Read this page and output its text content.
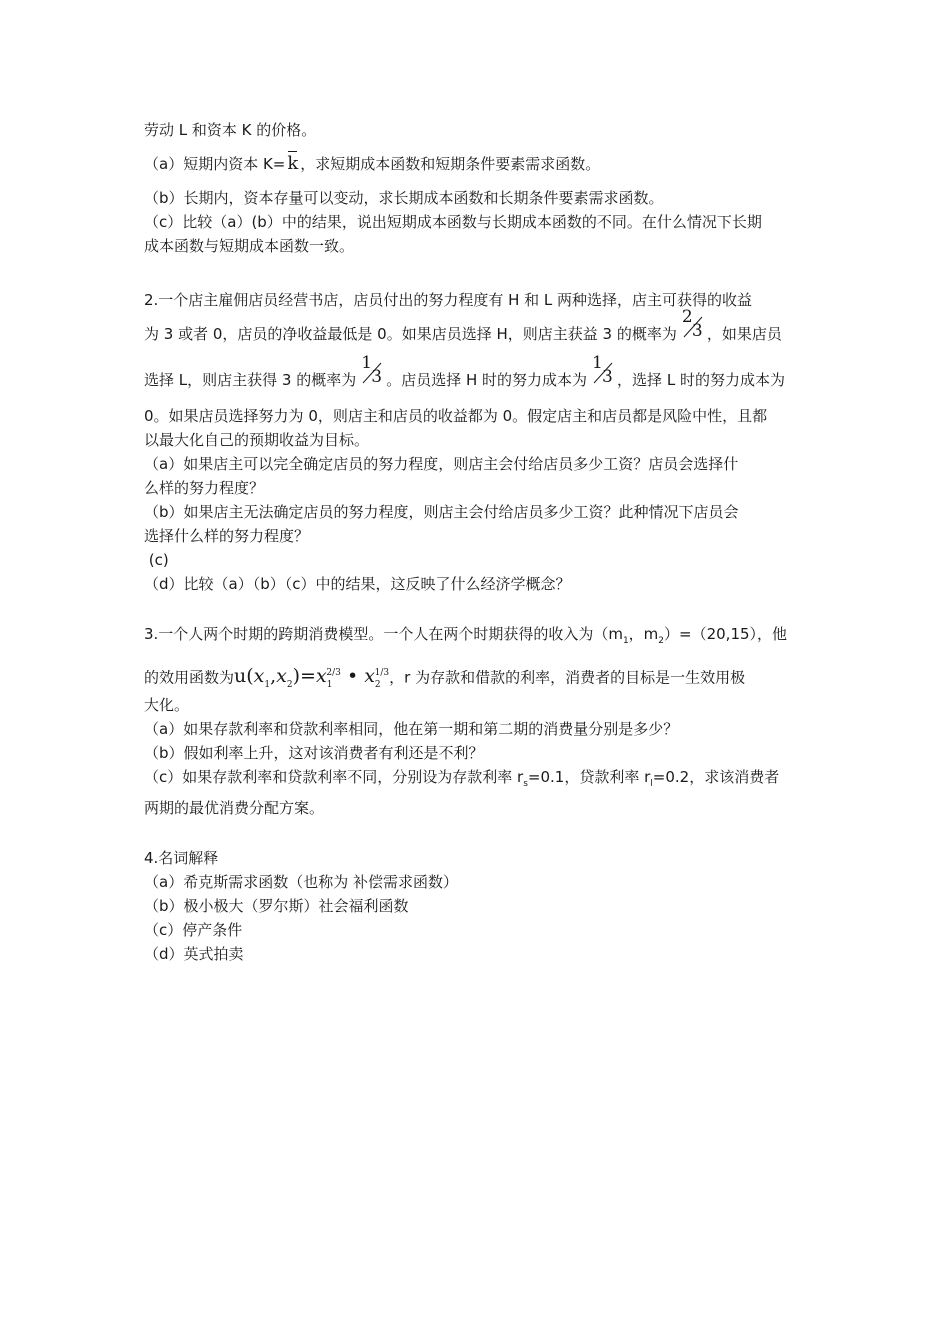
劳动 L 和资本 K 的价格。
（a）短期内资本 K= k ，求短期成本函数和短期条件要素需求函数。
（b）长期内，资本存量可以变动，求长期成本函数和长期条件要素需求函数。
（c）比较（a）(b）中的结果，说出短期成本函数与长期成本函数的不同。在什么情况下长期
成本函数与短期成本函数一致。
2.一个店主雇佣店员经营书店，店员付出的努力程度有 H 和 L 两种选择，店主可获得的收益
为 3 或者 0，店员的净收益最低是 0。如果店员选择 H，则店主获益 3 的概率为
2
3 ，如果店员
选择 L，则店主获得 3 的概率为
1
3 。店员选择 H 时的努力成本为
1
3 ，选择 L 时的努力成本为
0。如果店员选择努力为 0，则店主和店员的收益都为 0。假定店主和店员都是风险中性，且都
以最大化自己的预期收益为目标。
（a）如果店主可以完全确定店员的努力程度，则店主会付给店员多少工资？店员会选择什
么样的努力程度？
（b）如果店主无法确定店员的努力程度，则店主会付给店员多少工资？此种情况下店员会
选择什么样的努力程度？
(c)
（d）比较（a）（b）（c）中的结果，这反映了什么经济学概念？
3.一个人两个时期的跨期消费模型。一个人在两个时期获得的收入为（$m_1$，$m_2)=(20,15)$，他
的效用函数为$u(x_1,x_2)=x_1^{2/3}$ • $x_2^{1/3}$，r 为存款和借款的利率，消费者的目标是一生效用极
大化。
（a）如果存款利率和贷款利率相同，他在第一期和第二期的消费量分别是多少？
（b）假如利率上升，这对该消费者有利还是不利？
（c）如果存款利率和贷款利率不同，分别设为存款利率 $r_s=0.1$，贷款利率 $r_l=0.2$，求该消费者
两期的最优消费分配方案。
4.名词解释
（a）希克斯需求函数（也称为 补偿需求函数）
（b）极小极大（罗尔斯）社会福利函数
（c）停产条件
（d）英式拍卖
